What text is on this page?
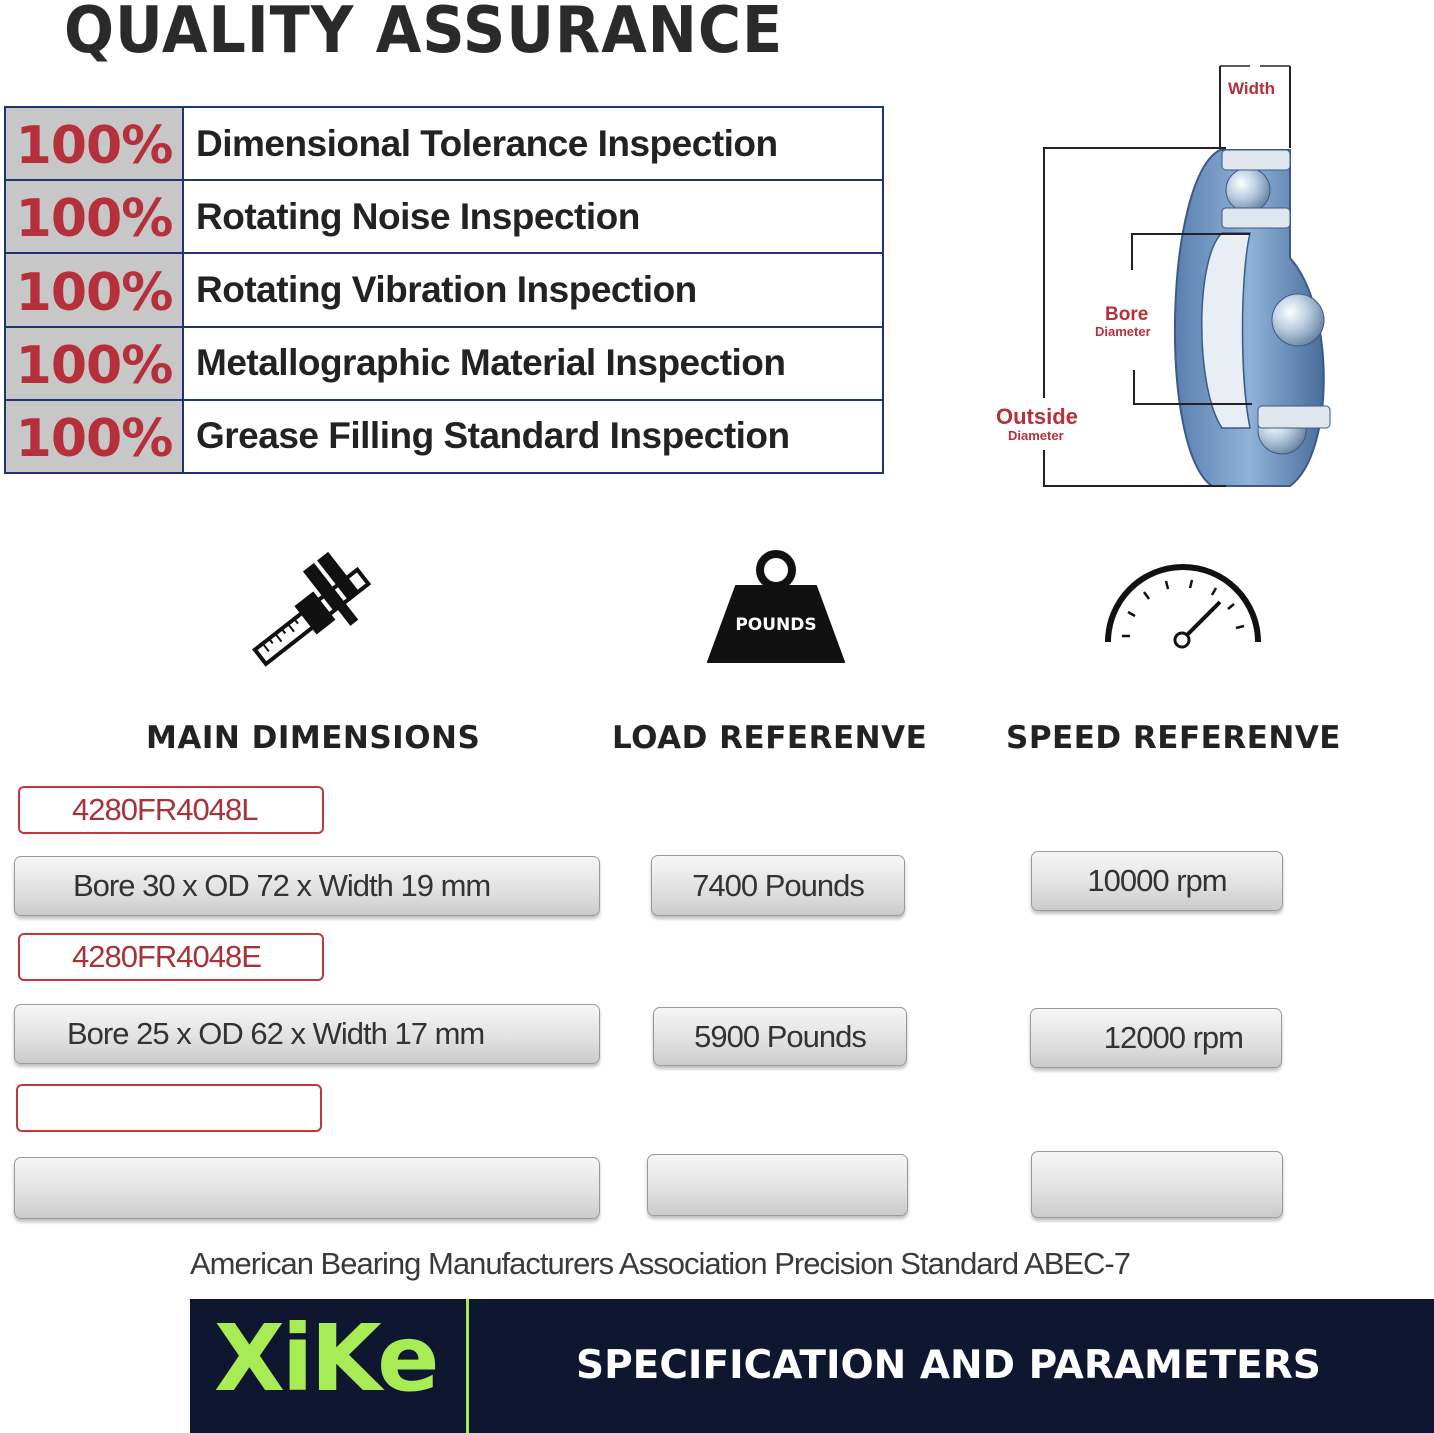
QUALITY ASSURANCE
100% Dimensional Tolerance Inspection
100% Rotating Noise Inspection
100% Rotating Vibration Inspection
100% Metallographic Material Inspection
100% Grease Filling Standard Inspection
Width
Bore
Diameter
Outside
Diameter
POUNDS
MAIN DIMENSIONS	LOAD REFERENVE	SPEED REFERENVE
4280FR4048L
Bore 30 x OD 72 x Width 19 mm	7400 Pounds	10000 rpm
4280FR4048E
Bore 25 x OD 62 x Width 17 mm	5900 Pounds	12000 rpm
American Bearing Manufacturers Association Precision Standard ABEC-7
XiKe	SPECIFICATION AND PARAMETERS
